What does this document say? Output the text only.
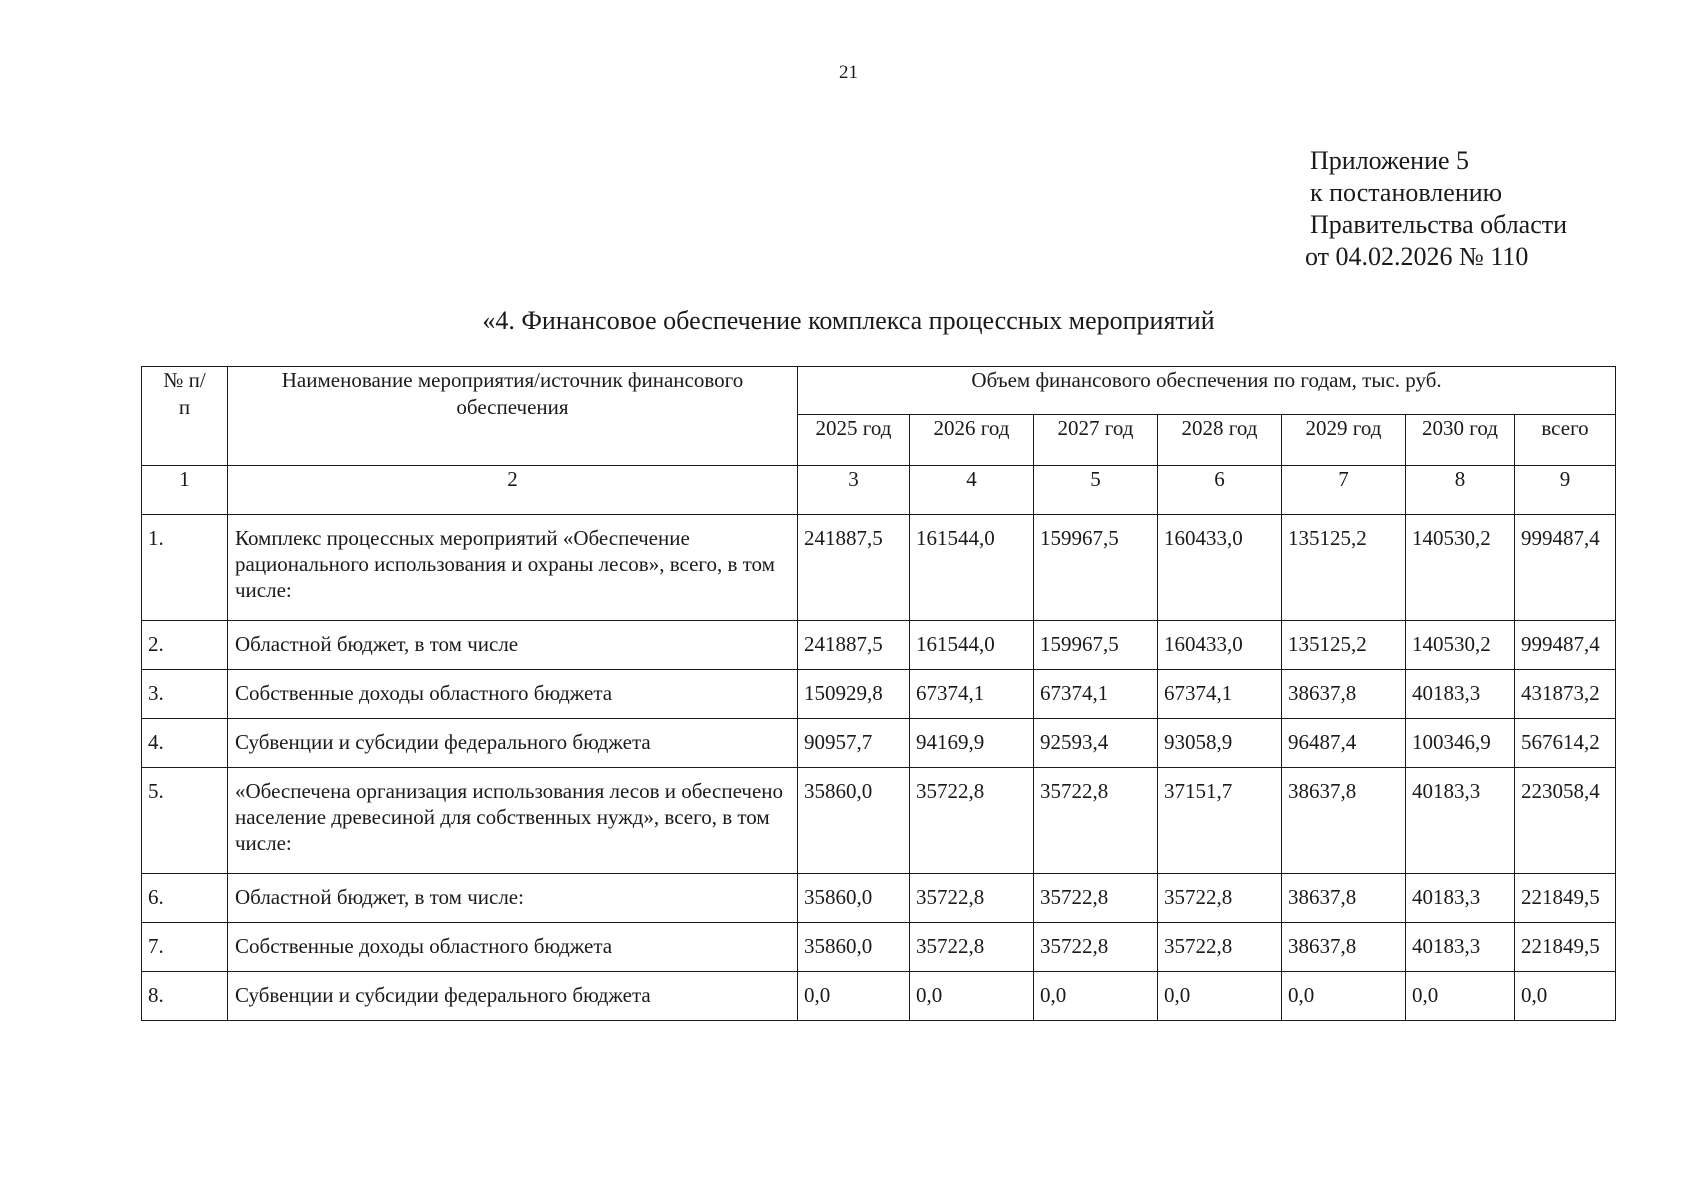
21
Приложение 5
к постановлению
Правительства области
от 04.02.2026 № 110
«4. Финансовое обеспечение комплекса процессных мероприятий
№ п/п	Наименование мероприятия/источник финансового обеспечения	Объем финансового обеспечения по годам, тыс. руб.						
		2025 год	2026 год	2027 год	2028 год	2029 год	2030 год	всего
1	2	3	4	5	6	7	8	9
1.	Комплекс процессных мероприятий «Обеспечение рационального использования и охраны лесов», всего, в том числе:	241887,5	161544,0	159967,5	160433,0	135125,2	140530,2	999487,4
2.	Областной бюджет, в том числе	241887,5	161544,0	159967,5	160433,0	135125,2	140530,2	999487,4
3.	Собственные доходы областного бюджета	150929,8	67374,1	67374,1	67374,1	38637,8	40183,3	431873,2
4.	Субвенции и субсидии федерального бюджета	90957,7	94169,9	92593,4	93058,9	96487,4	100346,9	567614,2
5.	«Обеспечена организация использования лесов и обеспечено население древесиной для собственных нужд», всего, в том числе:	35860,0	35722,8	35722,8	37151,7	38637,8	40183,3	223058,4
6.	Областной бюджет, в том числе:	35860,0	35722,8	35722,8	35722,8	38637,8	40183,3	221849,5
7.	Собственные доходы областного бюджета	35860,0	35722,8	35722,8	35722,8	38637,8	40183,3	221849,5
8.	Субвенции и субсидии федерального бюджета	0,0	0,0	0,0	0,0	0,0	0,0	0,0
